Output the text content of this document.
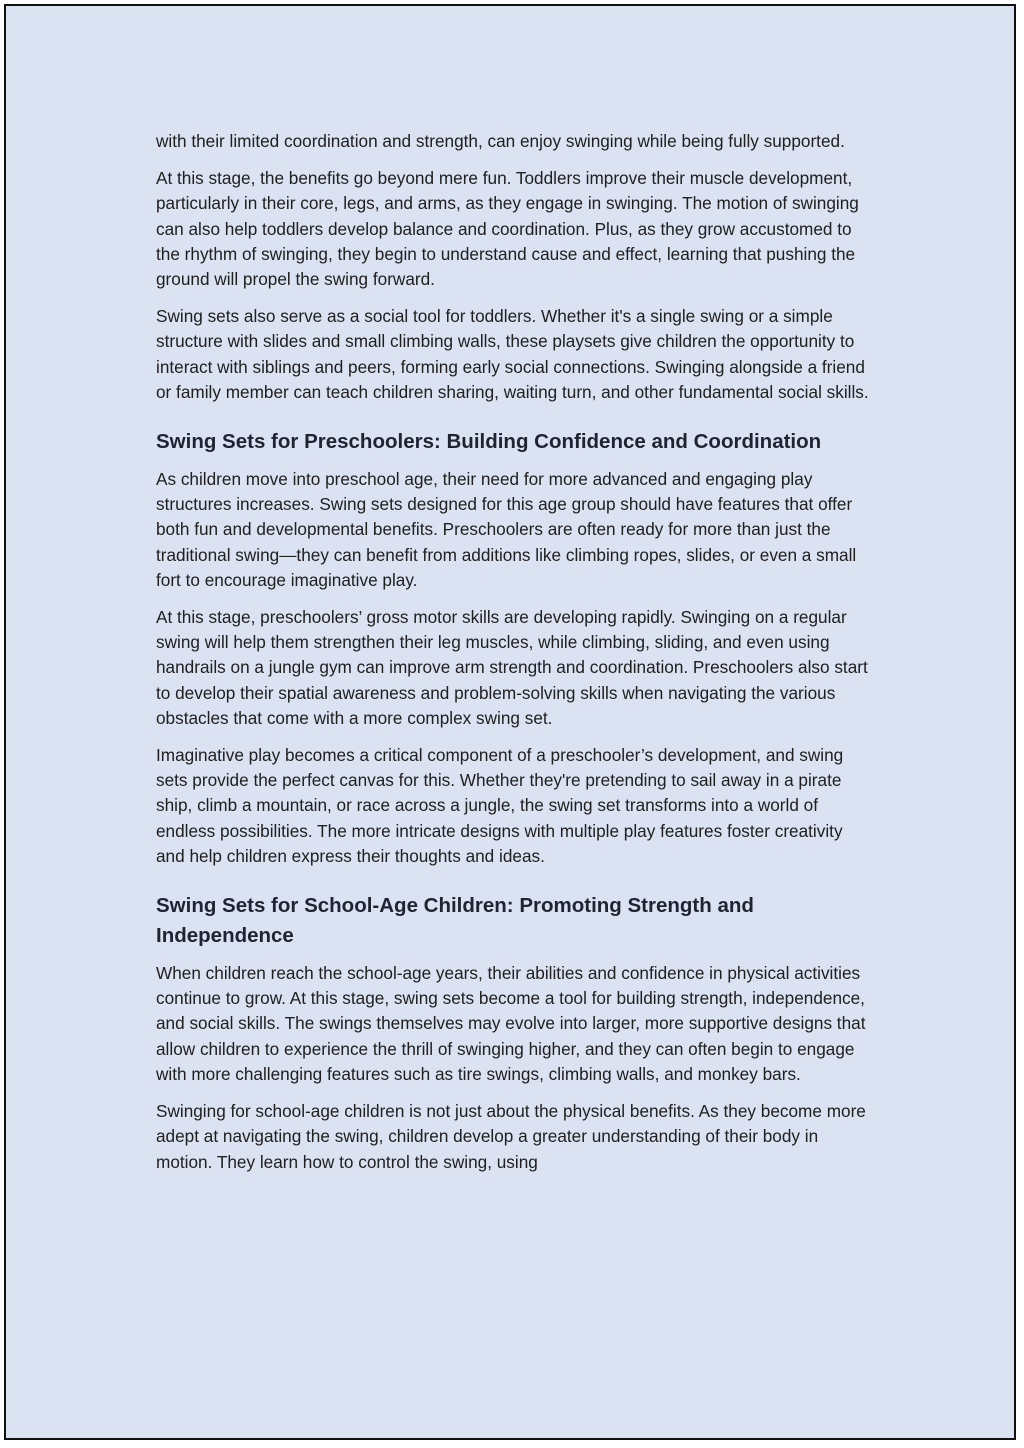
with their limited coordination and strength, can enjoy swinging while being fully supported.

At this stage, the benefits go beyond mere fun. Toddlers improve their muscle development, particularly in their core, legs, and arms, as they engage in swinging. The motion of swinging can also help toddlers develop balance and coordination. Plus, as they grow accustomed to the rhythm of swinging, they begin to understand cause and effect, learning that pushing the ground will propel the swing forward.

Swing sets also serve as a social tool for toddlers. Whether it's a single swing or a simple structure with slides and small climbing walls, these playsets give children the opportunity to interact with siblings and peers, forming early social connections. Swinging alongside a friend or family member can teach children sharing, waiting turn, and other fundamental social skills.

Swing Sets for Preschoolers: Building Confidence and Coordination

As children move into preschool age, their need for more advanced and engaging play structures increases. Swing sets designed for this age group should have features that offer both fun and developmental benefits. Preschoolers are often ready for more than just the traditional swing—they can benefit from additions like climbing ropes, slides, or even a small fort to encourage imaginative play.

At this stage, preschoolers’ gross motor skills are developing rapidly. Swinging on a regular swing will help them strengthen their leg muscles, while climbing, sliding, and even using handrails on a jungle gym can improve arm strength and coordination. Preschoolers also start to develop their spatial awareness and problem-solving skills when navigating the various obstacles that come with a more complex swing set.

Imaginative play becomes a critical component of a preschooler’s development, and swing sets provide the perfect canvas for this. Whether they're pretending to sail away in a pirate ship, climb a mountain, or race across a jungle, the swing set transforms into a world of endless possibilities. The more intricate designs with multiple play features foster creativity and help children express their thoughts and ideas.

Swing Sets for School-Age Children: Promoting Strength and Independence

When children reach the school-age years, their abilities and confidence in physical activities continue to grow. At this stage, swing sets become a tool for building strength, independence, and social skills. The swings themselves may evolve into larger, more supportive designs that allow children to experience the thrill of swinging higher, and they can often begin to engage with more challenging features such as tire swings, climbing walls, and monkey bars.

Swinging for school-age children is not just about the physical benefits. As they become more adept at navigating the swing, children develop a greater understanding of their body in motion. They learn how to control the swing, using
